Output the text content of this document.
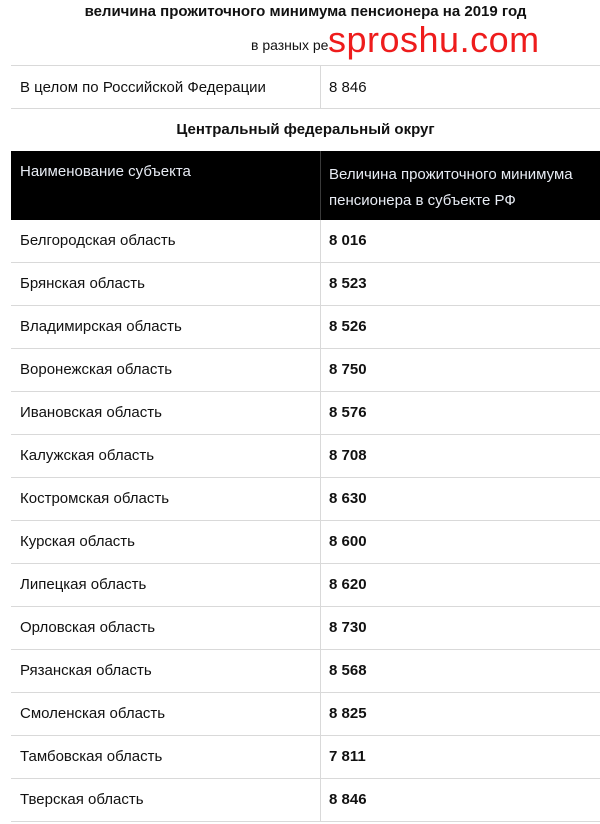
величина прожиточного минимума пенсионера на 2019 год
в разных ре sproshu.com
В целом по Российской Федерации	8 846
Центральный федеральный округ
Наименование субъекта	Величина прожиточного минимума пенсионера в субъекте РФ
Белгородская область	8 016
Брянская область	8 523
Владимирская область	8 526
Воронежская область	8 750
Ивановская область	8 576
Калужская область	8 708
Костромская область	8 630
Курская область	8 600
Липецкая область	8 620
Орловская область	8 730
Рязанская область	8 568
Смоленская область	8 825
Тамбовская область	7 811
Тверская область	8 846
